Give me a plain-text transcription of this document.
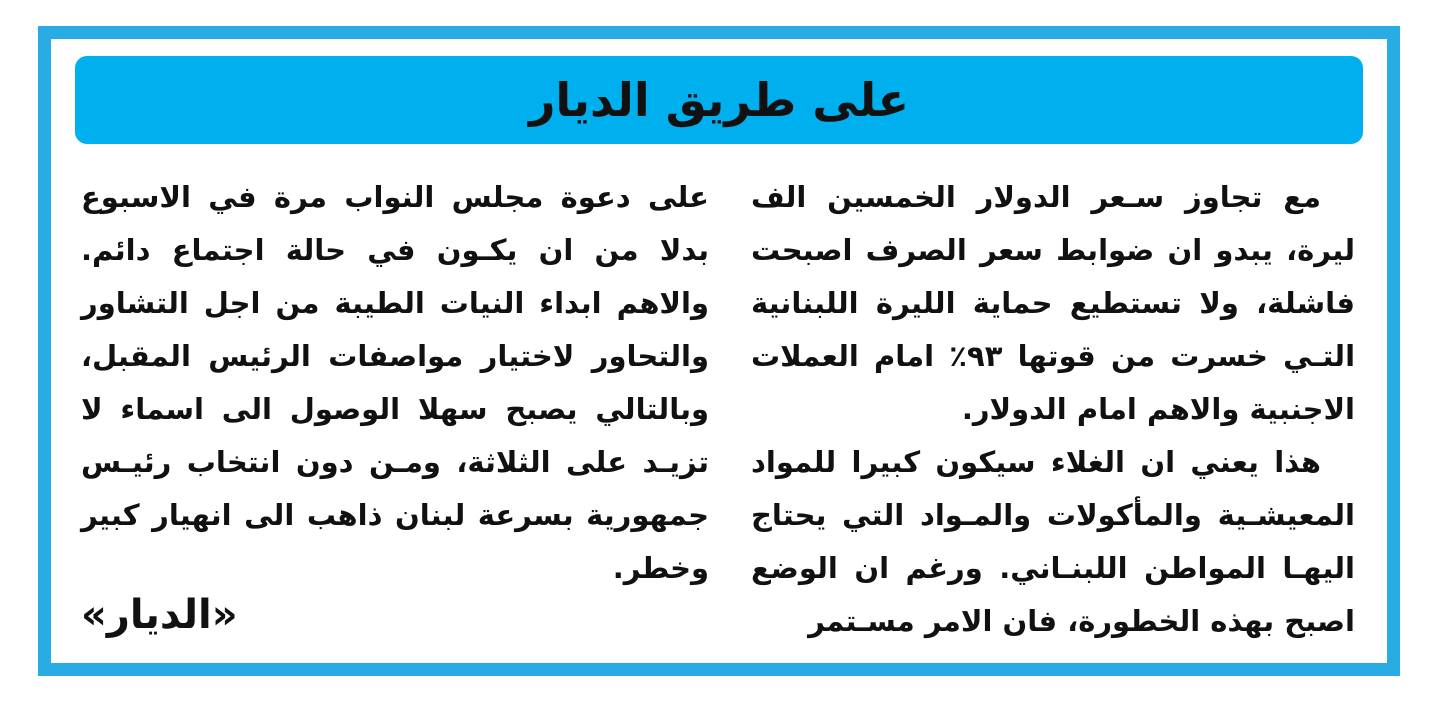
على طريق الديار

مع تجاوز سـعر الدولار الخمسين الف ليرة، يبدو ان ضوابط سعر الصرف اصبحت فاشلة، ولا تستطيع حماية الليرة اللبنانية التـي خسرت من قوتها ٩٣٪ امام العملات الاجنبية والاهم امام الدولار.

هذا يعني ان الغلاء سيكون كبيرا للمواد المعيشـية والمأكولات والمـواد التي يحتاج اليهـا المواطن اللبنـاني. ورغم ان الوضع اصبح بهذه الخطورة، فان الامر مسـتمر

على دعوة مجلس النواب مرة في الاسبوع بدلا من ان يكـون في حالة اجتماع دائم. والاهم ابداء النيات الطيبة من اجل التشاور والتحاور لاختيار مواصفات الرئيس المقبل، وبالتالي يصبح سهلا الوصول الى اسماء لا تزيـد على الثلاثة، ومـن دون انتخاب رئيـس جمهورية بسرعة لبنان ذاهب الى انهيار كبير وخطر.

«الديار»
